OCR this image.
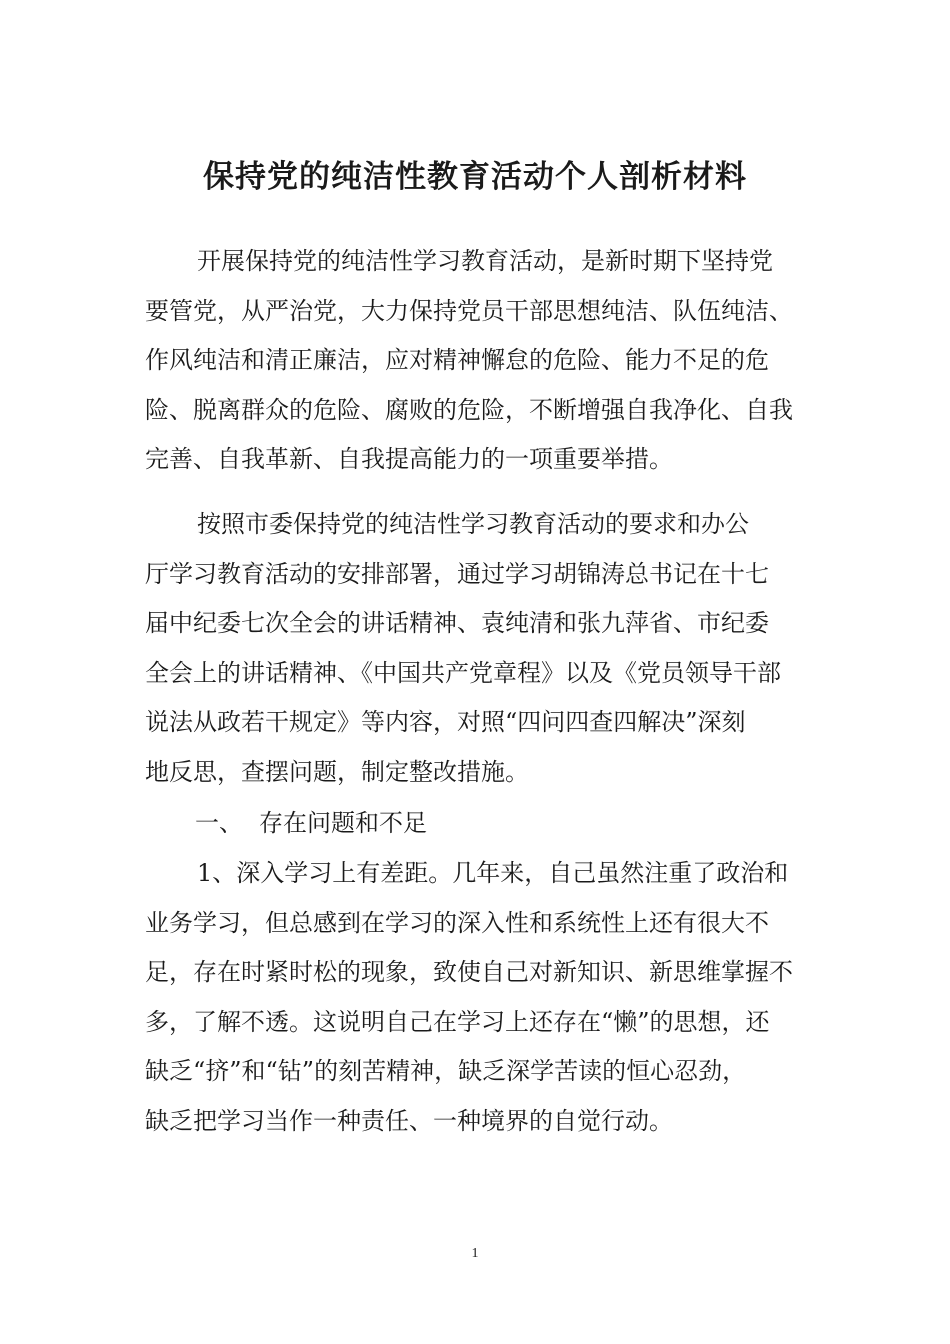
保持党的纯洁性教育活动个人剖析材料
开展保持党的纯洁性学习教育活动，是新时期下坚持党
要管党，从严治党，大力保持党员干部思想纯洁、队伍纯洁、
作风纯洁和清正廉洁，应对精神懈怠的危险、能力不足的危
险、脱离群众的危险、腐败的危险，不断增强自我净化、自我
完善、自我革新、自我提高能力的一项重要举措。
按照市委保持党的纯洁性学习教育活动的要求和办公
厅学习教育活动的安排部署，通过学习胡锦涛总书记在十七
届中纪委七次全会的讲话精神、袁纯清和张九萍省、市纪委
全会上的讲话精神、《中国共产党章程》以及《党员领导干部
说法从政若干规定》等内容，对照“四问四查四解决”深刻
地反思，查摆问题，制定整改措施。
一、 存在问题和不足
1、深入学习上有差距。几年来，自己虽然注重了政治和
业务学习，但总感到在学习的深入性和系统性上还有很大不
足，存在时紧时松的现象，致使自己对新知识、新思维掌握不
多，了解不透。这说明自己在学习上还存在“懒”的思想，还
缺乏“挤”和“钻”的刻苦精神，缺乏深学苦读的恒心忍劲，
缺乏把学习当作一种责任、一种境界的自觉行动。
1
